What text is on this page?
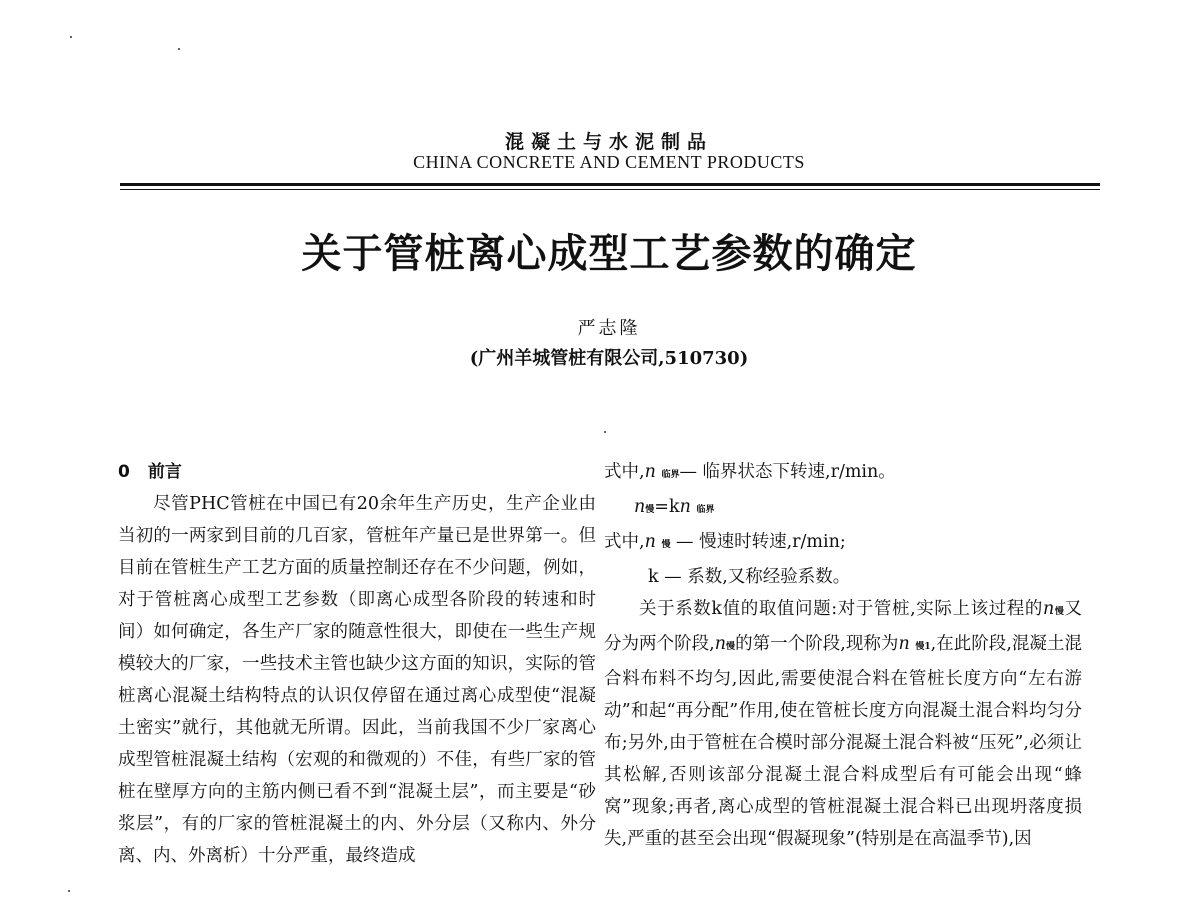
混凝土与水泥制品
CHINA CONCRETE AND CEMENT PRODUCTS
关于管桩离心成型工艺参数的确定
严志隆
(广州羊城管桩有限公司,510730)
0 前言

尽管PHC管桩在中国已有20余年生产历史，生产企业由当初的一两家到目前的几百家，管桩年产量已是世界第一。但目前在管桩生产工艺方面的质量控制还存在不少问题，例如，对于管桩离心成型工艺参数（即离心成型各阶段的转速和时间）如何确定，各生产厂家的随意性很大，即使在一些生产规模较大的厂家，一些技术主管也缺少这方面的知识，实际的管桩离心混凝土结构特点的认识仅停留在通过离心成型使“混凝土密实”就行，其他就无所谓。因此，当前我国不少厂家离心成型管桩混凝土结构（宏观的和微观的）不佳，有些厂家的管桩在壁厚方向的主筋内侧已看不到“混凝土层”，而主要是“砂浆层”，有的厂家的管桩混凝土的内、外分层（又称内、外分离、内、外离析）十分严重，最终造成

式中,n 临界— 临界状态下转速,r/min。

n慢=kn 临界

式中,n 慢 — 慢速时转速,r/min;

k — 系数,又称经验系数。

关于系数k值的取值问题:对于管桩,实际上该过程的n慢又分为两个阶段,n慢的第一个阶段,现称为n 慢1,在此阶段,混凝土混合料布料不均匀,因此,需要使混合料在管桩长度方向“左右游动”和起“再分配”作用,使在管桩长度方向混凝土混合料均匀分布;另外,由于管桩在合模时部分混凝土混合料被“压死”,必须让其松解,否则该部分混凝土混合料成型后有可能会出现“蜂窝”现象;再者,离心成型的管桩混凝土混合料已出现坍落度损失,严重的甚至会出现“假凝现象”(特别是在高温季节),因
